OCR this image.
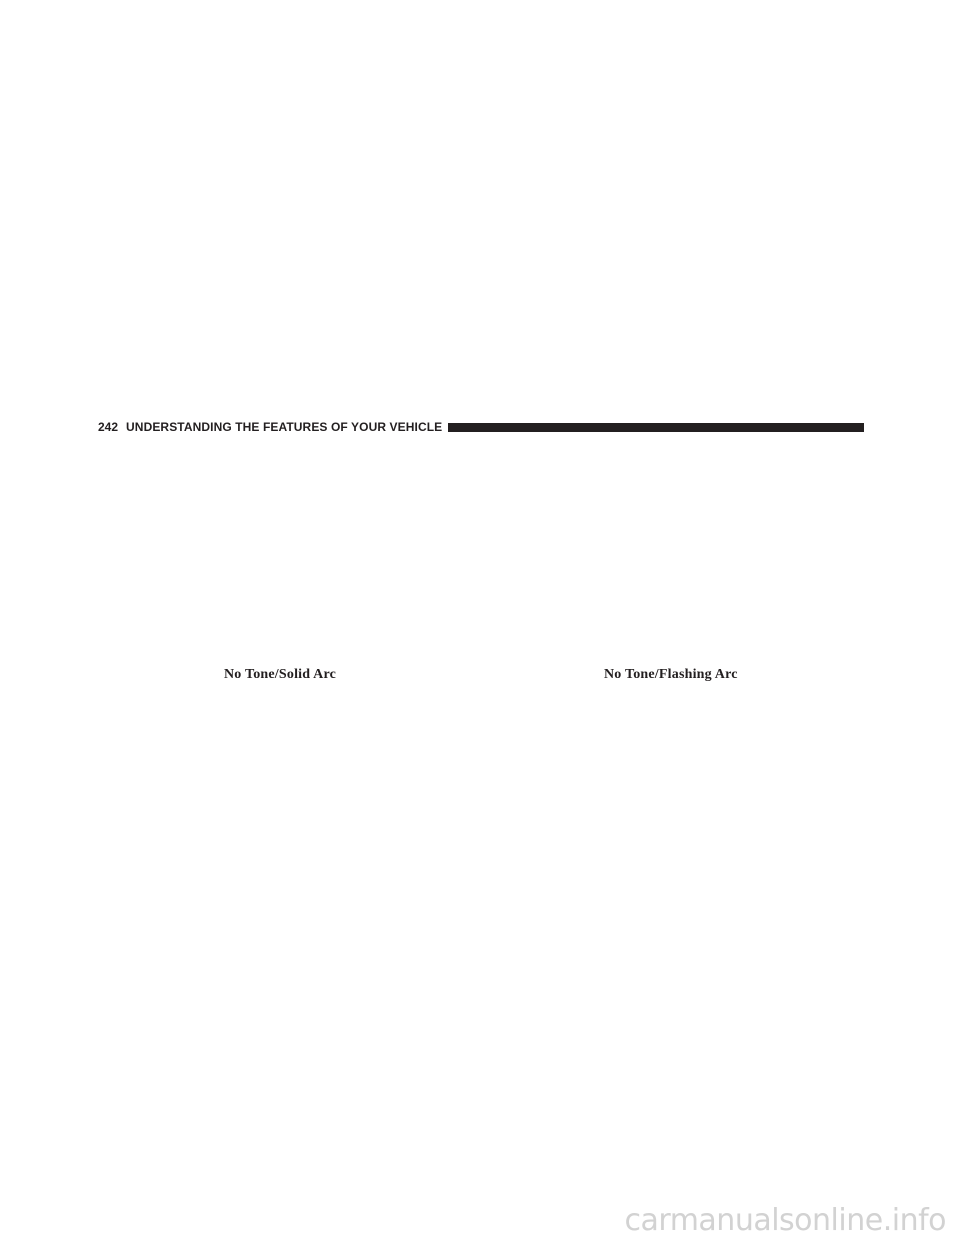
242 UNDERSTANDING THE FEATURES OF YOUR VEHICLE
No Tone/Solid Arc	No Tone/Flashing Arc
carmanualsonline.info
